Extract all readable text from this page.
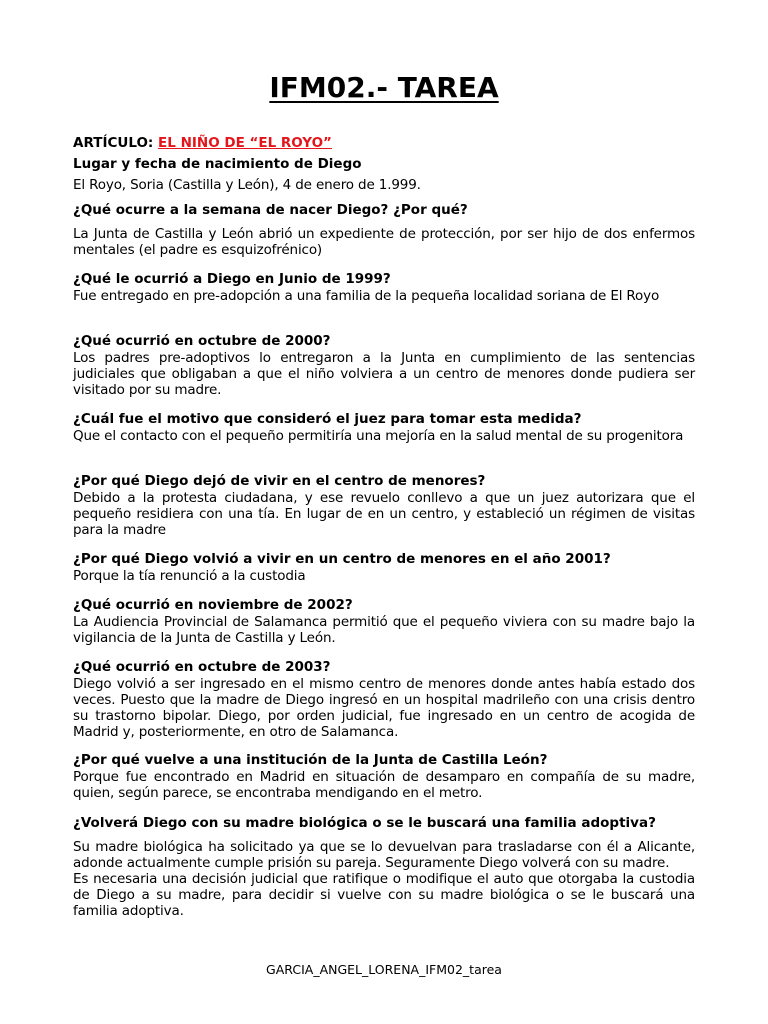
IFM02.- TAREA
ARTÍCULO: EL NIÑO DE “EL ROYO”

Lugar y fecha de nacimiento de Diego

El Royo, Soria (Castilla y León), 4 de enero de 1.999.

¿Qué ocurre a la semana de nacer Diego? ¿Por qué?

La Junta de Castilla y León abrió un expediente de protección, por ser hijo de dos enfermos mentales (el padre es esquizofrénico)

¿Qué le ocurrió a Diego en Junio de 1999?

Fue entregado en pre-adopción a una familia de la pequeña localidad soriana de El Royo

¿Qué ocurrió en octubre de 2000?

Los padres pre-adoptivos lo entregaron a la Junta en cumplimiento de las sentencias judiciales que obligaban a que el niño volviera a un centro de menores donde pudiera ser visitado por su madre.

¿Cuál fue el motivo que consideró el juez para tomar esta medida?

Que el contacto con el pequeño permitiría una mejoría en la salud mental de su progenitora

¿Por qué Diego dejó de vivir en el centro de menores?

Debido a la protesta ciudadana, y ese revuelo conllevo a que un juez autorizara que el pequeño residiera con una tía. En lugar de en un centro, y estableció un régimen de visitas para la madre

¿Por qué Diego volvió a vivir en un centro de menores en el año 2001?

Porque la tía renunció a la custodia

¿Qué ocurrió en noviembre de 2002?

La Audiencia Provincial de Salamanca permitió que el pequeño viviera con su madre bajo la vigilancia de la Junta de Castilla y León.

¿Qué ocurrió en octubre de 2003?

Diego volvió a ser ingresado en el mismo centro de menores donde antes había estado dos veces. Puesto que la madre de Diego ingresó en un hospital madrileño con una crisis dentro su trastorno bipolar. Diego, por orden judicial, fue ingresado en un centro de acogida de Madrid y, posteriormente, en otro de Salamanca.

¿Por qué vuelve a una institución de la Junta de Castilla León?

Porque fue encontrado en Madrid en situación de desamparo en compañía de su madre, quien, según parece, se encontraba mendigando en el metro.

¿Volverá Diego con su madre biológica o se le buscará una familia adoptiva?

Su madre biológica ha solicitado ya que se lo devuelvan para trasladarse con él a Alicante, adonde actualmente cumple prisión su pareja. Seguramente Diego volverá con su madre.

Es necesaria una decisión judicial que ratifique o modifique el auto que otorgaba la custodia de Diego a su madre, para decidir si vuelve con su madre biológica o se le buscará una familia adoptiva.

GARCIA_ANGEL_LORENA_IFM02_tarea
